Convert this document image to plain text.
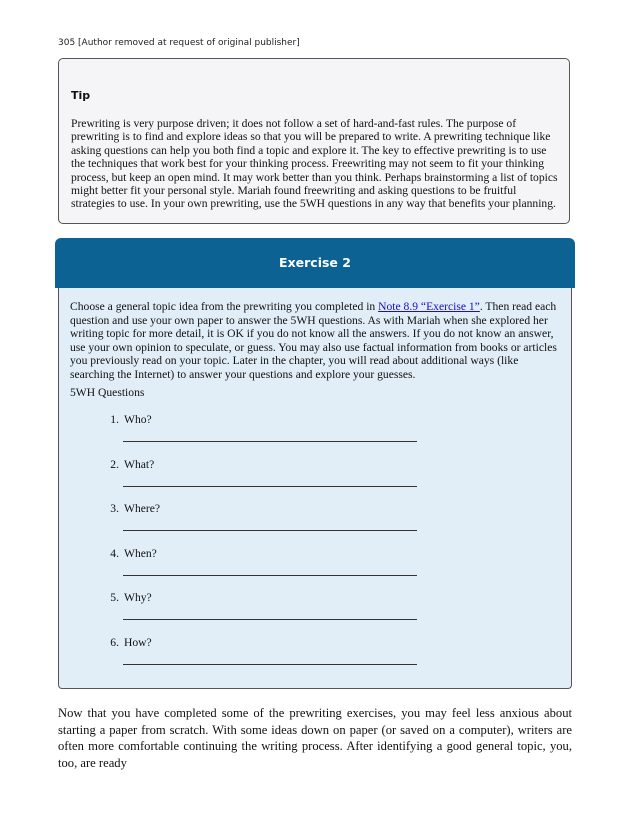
305 [Author removed at request of original publisher]
Tip

Prewriting is very purpose driven; it does not follow a set of hard-and-fast rules. The purpose of prewriting is to find and explore ideas so that you will be prepared to write. A prewriting technique like asking questions can help you both find a topic and explore it. The key to effective prewriting is to use the techniques that work best for your thinking process. Freewriting may not seem to fit your thinking process, but keep an open mind. It may work better than you think. Perhaps brainstorming a list of topics might better fit your personal style. Mariah found freewriting and asking questions to be fruitful strategies to use. In your own prewriting, use the 5WH questions in any way that benefits your planning.

Exercise 2

Choose a general topic idea from the prewriting you completed in Note 8.9 “Exercise 1”. Then read each question and use your own paper to answer the 5WH questions. As with Mariah when she explored her writing topic for more detail, it is OK if you do not know all the answers. If you do not know an answer, use your own opinion to speculate, or guess. You may also use factual information from books or articles you previously read on your topic. Later in the chapter, you will read about additional ways (like searching the Internet) to answer your questions and explore your guesses.

5WH Questions
1. Who?
2. What?
3. Where?
4. When?
5. Why?
6. How?

Now that you have completed some of the prewriting exercises, you may feel less anxious about starting a paper from scratch. With some ideas down on paper (or saved on a computer), writers are often more comfortable continuing the writing process. After identifying a good general topic, you, too, are ready
